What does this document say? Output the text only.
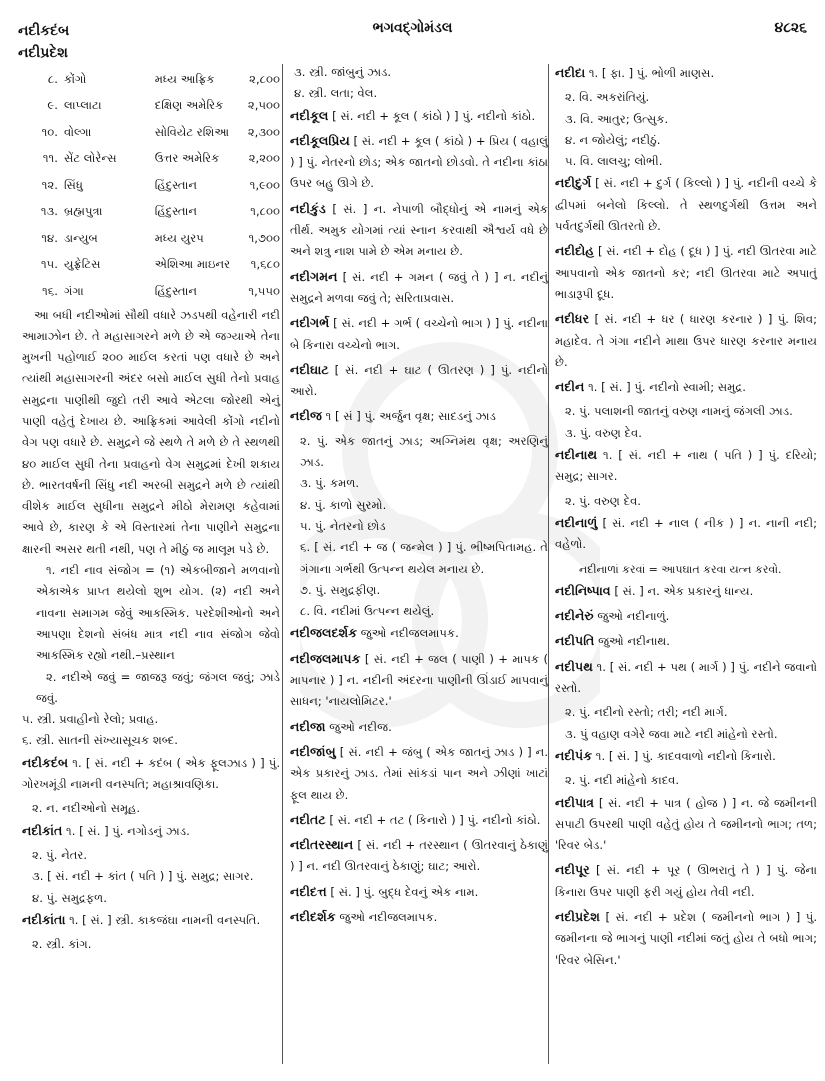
નદીકદંબ
નદીપ્રદેશ
ભગવદ્ગોમંડલ	૪૮૨૬
૮.	કોંગો	મધ્ય આફ્રિક	૨,૮૦૦
૯.	લાપ્લાટા	દક્ષિણ અમેરિક	૨,૫૦૦
૧૦.	વોલ્ગા	સોવિયેટ રશિઆ	૨,૩૦૦
૧૧.	સેંટ લોરેન્સ	ઉત્તર અમેરિક	૨,૨૦૦
૧૨.	સિંધુ	હિંદુસ્તાન	૧,૯૦૦
૧૩.	બ્રહ્મપુત્રા	હિંદુસ્તાન	૧,૮૦૦
૧૪.	ડાન્યુબ	મધ્ય યુરપ	૧,૭૦૦
૧૫.	યુફ્રેટિસ	એશિઆ માઇનર	૧,૬૮૦
૧૬.	ગંગા	હિંદુસ્તાન	૧,૫૫૦

આ બધી નદીઓમાં સૌથી વધારે ઝડપથી વહેનારી નદી આમાઝોન છે. તે મહાસાગરને મળે છે એ જગ્યાએ તેના મુખની પહોળાઈ ૨૦૦ માઈલ કરતાં પણ વધારે છે અને ત્યાંથી મહાસાગરની અંદર બસો માઈલ સુધી તેનો પ્રવાહ સમુદ્રના પાણીથી જુદો તરી આવે એટલા જોરથી એનું પાણી વહેતું દેખાય છે. આફ્રિકમાં આવેલી કોંગો નદીનો વેગ પણ વધારે છે. સમુદ્રને જે સ્થળે તે મળે છે તે સ્થળથી ૪૦ માઈલ સુધી તેના પ્રવાહનો વેગ સમુદ્રમાં દેખી શકાય છે. ભારતવર્ષની સિંધુ નદી અરબી સમુદ્રને મળે છે ત્યાંથી વીશેક માઈલ સુધીના સમુદ્રને મીઠો મેરામણ કહેવામાં આવે છે, કારણ કે એ વિસ્તારમાં તેના પાણીને સમુદ્રના ક્ષારની અસર થતી નથી, પણ તે મીઠું જ માલૂમ પડે છે.

૧. નદી નાવ સંજોગ = (૧) એકબીજાને મળવાનો એકાએક પ્રાપ્ત થયેલો શુભ યોગ. (૨) નદી અને નાવના સમાગમ જેવું આકસ્મિક. પરદેશીઓનો અને આપણા દેશનો સંબંધ માત્ર નદી નાવ સંજોગ જેવો આકસ્મિક રહ્યો નથી.–પ્રસ્થાન

૨. નદીએ જવું = જાજરૂ જવું; જંગલ જવું; ઝાડે જવું.

૫. સ્ત્રી. પ્રવાહીનો રેલો; પ્રવાહ.

૬. સ્ત્રી. સાતની સંખ્યાસૂચક શબ્દ.

નદીકદંબ ૧. [ સં. નદી + કદંબ ( એક ફૂલઝાડ ) ] પું. ગોરખમૂંડી નામની વનસ્પતિ; મહાશ્રાવણિકા.

૨. ન. નદીઓનો સમૂહ.

નદીકાંત ૧. [ સં. ] પું. નગોડનું ઝાડ.

૨. પું. નેતર.

૩. [ સં. નદી + કાંત ( પતિ ) ] પું. સમુદ્ર; સાગર.

૪. પું. સમુદ્રફળ.

નદીકાંતા ૧. [ સં. ] સ્ત્રી. કાકજંઘા નામની વનસ્પતિ.

૨. સ્ત્રી. કાંગ.

૩. સ્ત્રી. જાંબુનું ઝાડ.

૪. સ્ત્રી. લતા; વેલ.

નદીકૂલ [ સં. નદી + કૂલ ( કાંઠો ) ] પું. નદીનો કાંઠો.

નદીકૂલપ્રિય [ સં. નદી + કૂલ ( કાંઠો ) + પ્રિય ( વહાલું ) ] પું. નેતરનો છોડ; એક જાતનો છોડવો. તે નદીના કાંઠા ઉપર બહુ ઊગે છે.

નદીકુંડ [ સં. ] ન. નેપાળી બૌદ્ધોનું એ નામનું એક તીર્થ. અમુક યોગમાં ત્યાં સ્નાન કરવાથી ઐશ્વર્ય વધે છે અને શત્રુ નાશ પામે છે એમ મનાય છે.

નદીગમન [ સં. નદી + ગમન ( જવું તે ) ] ન. નદીનું સમુદ્રને મળવા જવું તે; સરિતાપ્રવાસ.

નદીગર્ભ [ સં. નદી + ગર્ભ ( વચ્ચેનો ભાગ ) ] પું. નદીના બે કિનારા વચ્ચેનો ભાગ.

નદીઘાટ [ સં. નદી + ઘાટ ( ઊતરણ ) ] પું. નદીનો આરો.

નદીજ ૧ [ સં ] પું. અર્જુન વૃક્ષ; સાદડનું ઝાડ

૨. પું. એક જાતનું ઝાડ; અગ્નિમંથ વૃક્ષ; અરણિનું ઝાડ.

૩. પું. કમળ.

૪. પું. કાળો સુરમો.

૫. પું. નેતરનો છોડ

૬. [ સં. નદી + જ ( જન્મેલ ) ] પું. ભીષ્મપિતામહ. તે ગંગાના ગર્ભથી ઉત્પન્ન થયેલ મનાય છે.

૭. પું. સમુદ્રફીણ.

૮. વિ. નદીમાં ઉત્પન્ન થયેલું.

નદીજલદર્શક જુઓ નદીજલમાપક.

નદીજલમાપક [ સં. નદી + જલ ( પાણી ) + માપક ( માપનાર ) ] ન. નદીની અંદરના પાણીની ઊંડાઈ માપવાનું સાધન; 'નાયલોમિટર.'

નદીજા જુઓ નદીજ.

નદીજાંબુ [ સં. નદી + જંબુ ( એક જાતનું ઝાડ ) ] ન. એક પ્રકારનું ઝાડ. તેમાં સાંકડાં પાન અને ઝીણાં ખાટાં ફૂલ થાય છે.

નદીતટ [ સં. નદી + તટ ( કિનારો ) ] પું. નદીનો કાંઠો.

નદીતરસ્થાન [ સં. નદી + તરસ્થાન ( ઊતરવાનું ઠેકાણું ) ] ન. નદી ઊતરવાનું ઠેકાણું; ઘાટ; આરો.

નદીદત્ત [ સં. ] પું. બુદ્ધ દેવનું એક નામ.

નદીદર્શક જુઓ નદીજલમાપક.

નદીદા ૧. [ ફા. ] પું. ભોળી માણસ.

૨. વિ. અકરાંતિયું.

૩. વિ. આતુર; ઉત્સુક.

૪. ન જોયેલું; નદીઠું.

૫. વિ. લાલચુ; લોભી.

નદીદુર્ગ [ સં. નદી + દુર્ગ ( કિલ્લો ) ] પું. નદીની વચ્ચે કે દ્વીપમાં બનેલો કિલ્લો. તે સ્થળદુર્ગથી ઉત્તમ અને પર્વતદુર્ગથી ઊતરતો છે.

નદીદોહ [ સં. નદી + દોહ ( દૂધ ) ] પું. નદી ઊતરવા માટે આપવાનો એક જાતનો કર; નદી ઊતરવા માટે અપાતું ભાડારૂપી દૂધ.

નદીધર [ સં. નદી + ધર ( ધારણ કરનાર ) ] પું. શિવ; મહાદેવ. તે ગંગા નદીને માથા ઉપર ધારણ કરનાર મનાય છે.

નદીન ૧. [ સં. ] પું. નદીનો સ્વામી; સમુદ્ર.

૨. પું. પલાશની જાતનું વરુણ નામનું જંગલી ઝાડ.

૩. પું. વરુણ દેવ.

નદીનાથ ૧. [ સં. નદી + નાથ ( પતિ ) ] પું. દરિયો; સમુદ્ર; સાગર.

૨. પું. વરુણ દેવ.

નદીનાળું [ સં. નદી + નાલ ( નીક ) ] ન. નાની નદી; વહેળો.

નદીનાળાં કરવાં = આપઘાત કરવા યત્ન કરવો.

નદીનિષ્પાવ [ સં. ] ન. એક પ્રકારનું ધાન્ય.

નદીનેરું જુઓ નદીનાળું.

નદીપતિ જુઓ નદીનાથ.

નદીપથ ૧. [ સં. નદી + પથ ( માર્ગ ) ] પું. નદીને જવાનો રસ્તો.

૨. પું. નદીનો રસ્તો; તરી; નદી માર્ગ.

૩. પું વહાણ વગેરે જવા માટે નદી માંહેનો રસ્તો.

નદીપંક ૧. [ સં. ] પું. કાદવવાળો નદીનો કિનારો.

૨. પું. નદી માંહેનો કાદવ.

નદીપાત્ર [ સં. નદી + પાત્ર ( હોજ ) ] ન. જે જમીનની સપાટી ઉપરથી પાણી વહેતું હોય તે જમીનનો ભાગ; તળ; 'રિવર બેડ.'

નદીપૂર [ સં. નદી + પૂર ( ઊભરાતું તે ) ] પું. જેના કિનારા ઉપર પાણી ફરી ગયું હોય તેવી નદી.

નદીપ્રદેશ [ સં. નદી + પ્રદેશ ( જમીનનો ભાગ ) ] પું. જમીનના જે ભાગનું પાણી નદીમાં જતું હોય તે બધો ભાગ; 'રિવર બેસિન.'
